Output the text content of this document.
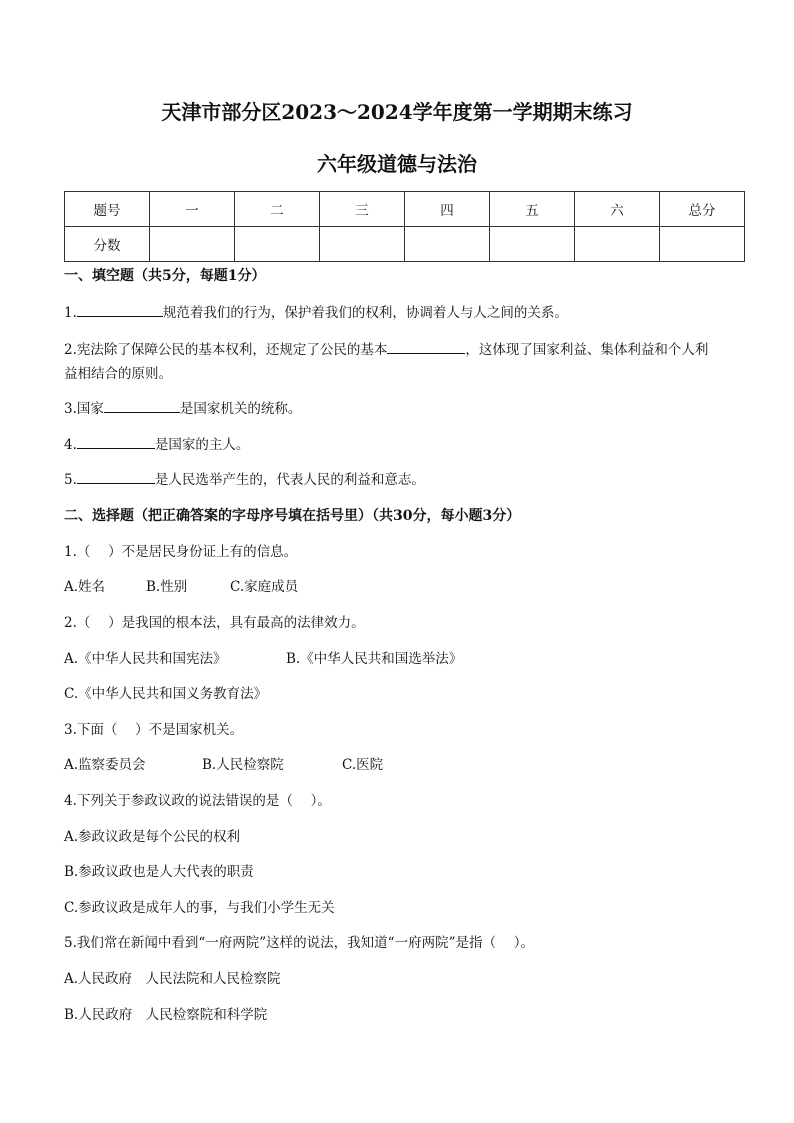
天津市部分区2023～2024学年度第一学期期末练习
六年级道德与法治
题号	一	二	三	四	五	六	总分
分数							
一、填空题（共5分，每题1分）
1.	规范着我们的行为，保护着我们的权利，协调着人与人之间的关系。
2.宪法除了保障公民的基本权利，还规定了公民的基本	，这体现了国家利益、集体利益和个人利
益相结合的原则。
3.国家	是国家机关的统称。
4.	是国家的主人。
5.	是人民选举产生的，代表人民的利益和意志。
二、选择题（把正确答案的字母序号填在括号里）（共30分，每小题3分）
1.（　 ）不是居民身份证上有的信息。
A.姓名	B.性别	C.家庭成员
2.（　 ）是我国的根本法，具有最高的法律效力。
A.《中华人民共和国宪法》	B.《中华人民共和国选举法》
C.《中华人民共和国义务教育法》
3.下面（　 ）不是国家机关。
A.监察委员会	B.人民检察院	C.医院
4.下列关于参政议政的说法错误的是（　 ）。
A.参政议政是每个公民的权利
B.参政议政也是人大代表的职责
C.参政议政是成年人的事，与我们小学生无关
5.我们常在新闻中看到“一府两院”这样的说法，我知道“一府两院”是指（　 ）。
A.人民政府　人民法院和人民检察院
B.人民政府　人民检察院和科学院
